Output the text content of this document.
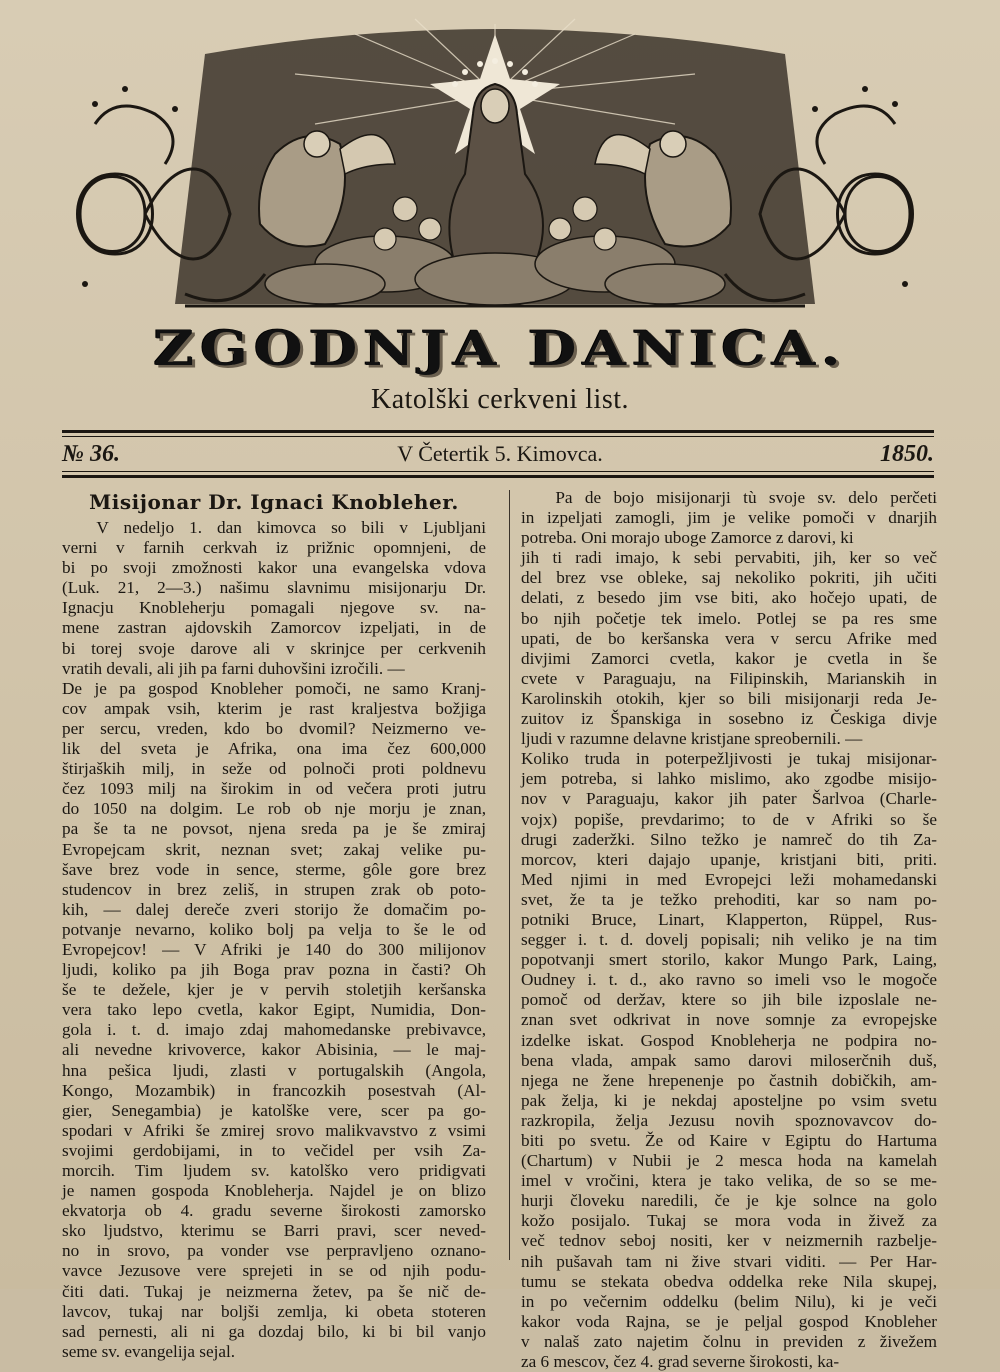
ZGODNJA DANICA.
Katolški cerkveni list.
№ 36.	V Četertik 5. Kimovca.	1850.
Misijonar Dr. Ignaci Knobleher.
  V nedeljo 1. dan kimovca so bili v Ljubljani
verni v farnih cerkvah iz prižnic opomnjeni, de
bi po svoji zmožnosti kakor una evangelska vdova
(Luk. 21, 2—3.) našimu slavnimu misijonarju Dr.
Ignacju Knobleherju pomagali njegove sv. na-
mene zastran ajdovskih Zamorcov izpeljati, in de
bi torej svoje darove ali v skrinjce per cerkvenih
vratih devali, ali jih pa farni duhovšini izročili. —
De je pa gospod Knobleher pomoči, ne samo Kranj-
cov ampak vsih, kterim je rast kraljestva božjiga
per sercu, vreden, kdo bo dvomil? Neizmerno ve-
lik del sveta je Afrika, ona ima čez 600,000
štirjaških milj, in seže od polnoči proti poldnevu
čez 1093 milj na širokim in od večera proti jutru
do 1050 na dolgim. Le rob ob nje morju je znan,
pa še ta ne povsot, njena sreda pa je še zmiraj
Evropejcam skrit, neznan svet; zakaj velike pu-
šave brez vode in sence, sterme, gôle gore brez
studencov in brez zeliš, in strupen zrak ob poto-
kih, — dalej dereče zveri storijo že domačim po-
potvanje nevarno, koliko bolj pa velja to še le od
Evropejcov! — V Afriki je 140 do 300 milijonov
ljudi, koliko pa jih Boga prav pozna in časti? Oh
še te dežele, kjer je v pervih stoletjih keršanska
vera tako lepo cvetla, kakor Egipt, Numidia, Don-
gola i. t. d. imajo zdaj mahomedanske prebivavce,
ali nevedne krivoverce, kakor Abisinia, — le maj-
hna pešica ljudi, zlasti v portugalskih (Angola,
Kongo, Mozambik) in francozkih posestvah (Al-
gier, Senegambia) je katolške vere, scer pa go-
spodari v Afriki še zmirej srovo malikvavstvo z vsimi
svojimi gerdobijami, in to večidel per vsih Za-
morcih. Tim ljudem sv. katolško vero pridigvati
je namen gospoda Knobleherja. Najdel je on blizo
ekvatorja ob 4. gradu severne širokosti zamorsko
sko ljudstvo, kterimu se Barri pravi, scer neved-
no in srovo, pa vonder vse perpravljeno oznano-
vavce Jezusove vere sprejeti in se od njih podu-
čiti dati. Tukaj je neizmerna žetev, pa še nič de-
lavcov, tukaj nar boljši zemlja, ki obeta stoteren
sad pernesti, ali ni ga dozdaj bilo, ki bi bil vanjo
seme sv. evangelija sejal.
  Pa de bojo misijonarji tù svoje sv. delo perčeti
in izpeljati zamogli, jim je velike pomoči v dnarjih
potreba. Oni morajo uboge Zamorce z darovi, ki
jih ti radi imajo, k sebi pervabiti, jih, ker so več
del brez vse obleke, saj nekoliko pokriti, jih učiti
delati, z besedo jim vse biti, ako hočejo upati, de
bo njih početje tek imelo. Potlej se pa res sme
upati, de bo keršanska vera v sercu Afrike med
divjimi Zamorci cvetla, kakor je cvetla in še
cvete v Paraguaju, na Filipinskih, Marianskih in
Karolinskih otokih, kjer so bili misijonarji reda Je-
zuitov iz Španskiga in sosebno iz Českiga divje
ljudi v razumne delavne kristjane spreobernili. —
Koliko truda in poterpežljivosti je tukaj misijonar-
jem potreba, si lahko mislimo, ako zgodbe misijo-
nov v Paraguaju, kakor jih pater Šarlvoa (Charle-
vojx) popiše, prevdarimo; to de v Afriki so še
drugi zaderžki. Silno težko je namreč do tih Za-
morcov, kteri dajajo upanje, kristjani biti, priti.
Med njimi in med Evropejci leži mohamedanski
svet, že ta je težko prehoditi, kar so nam po-
potniki Bruce, Linart, Klapperton, Rüppel, Rus-
segger i. t. d. dovelj popisali; nih veliko je na tim
popotvanji smert storilo, kakor Mungo Park, Laing,
Oudney i. t. d., ako ravno so imeli vso le mogoče
pomoč od deržav, ktere so jih bile izposlale ne-
znan svet odkrivat in nove somnje za evropejske
izdelke iskat. Gospod Knobleherja ne podpira no-
bena vlada, ampak samo darovi miloserčnih duš,
njega ne žene hrepenenje po častnih dobičkih, am-
pak želja, ki je nekdaj aposteljne po vsim svetu
razkropila, želja Jezusu novih spoznovavcov do-
biti po svetu. Že od Kaire v Egiptu do Hartuma
(Chartum) v Nubii je 2 mesca hoda na kamelah
imel v vročini, ktera je tako velika, de so se me-
hurji človeku naredili, če je kje solnce na golo
kožo posijalo. Tukaj se mora voda in živež za
več tednov seboj nositi, ker v neizmernih razbelje-
nih pušavah tam ni žive stvari viditi. — Per Har-
tumu se stekata obedva oddelka reke Nila skupej,
in po večernim oddelku (belim Nilu), ki je veči
kakor voda Rajna, se je peljal gospod Knobleher
v nalaš zato najetim čolnu in previden z živežem
za 6 mescov, čez 4. grad severne širokosti, ka-
